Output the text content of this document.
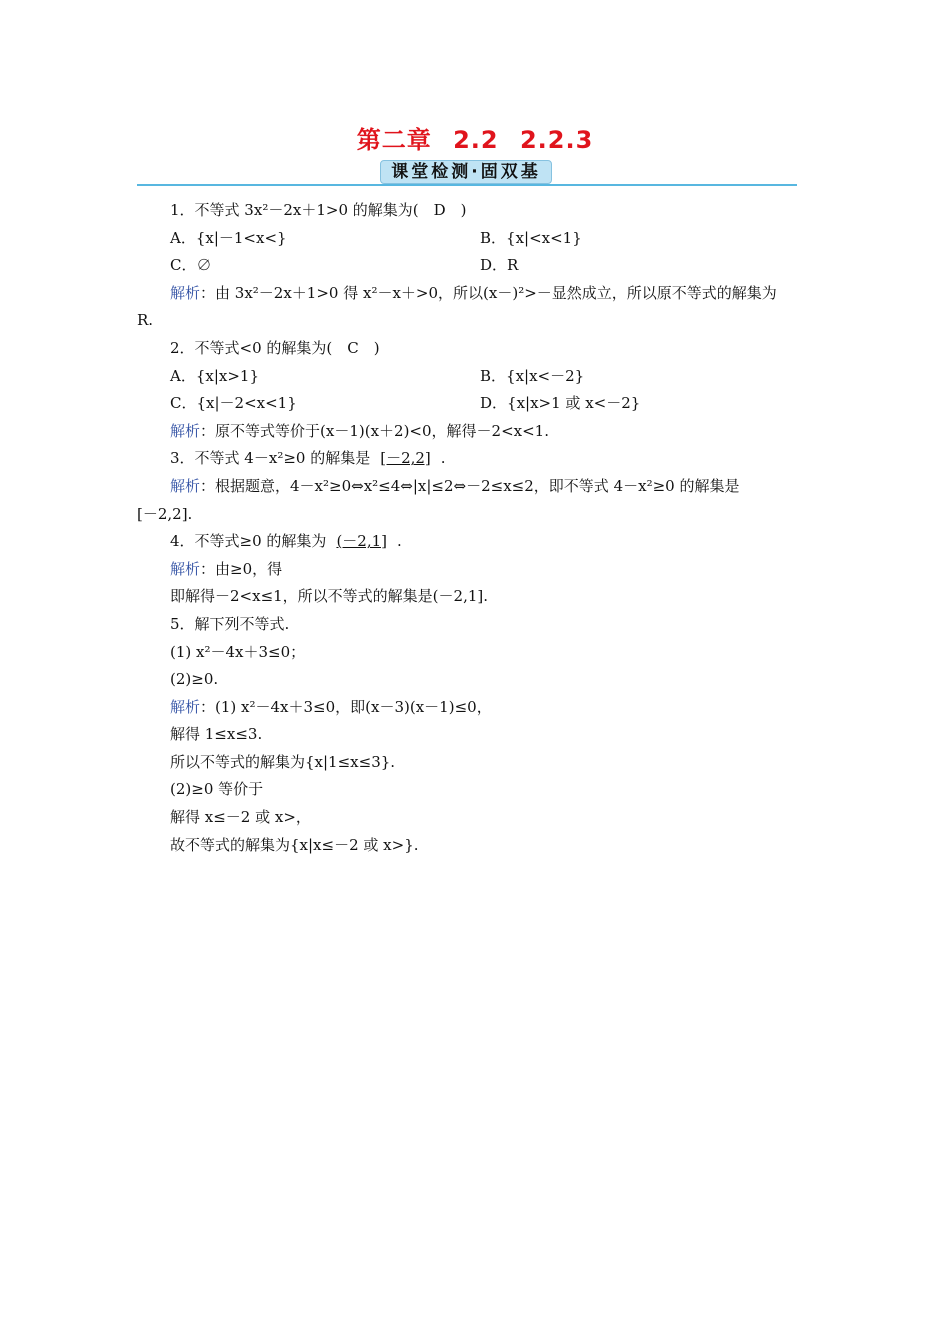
第二章 2.2 2.2.3
课堂检测·固双基
1．不等式 3x²－2x＋1>0 的解集为(　D　)
A．{x|－1<x<}	B．{x|<x<1}
C．∅	D．R
解析：由 3x²－2x＋1>0 得 x²－x＋>0，所以(x－)²>－显然成立，所以原不等式的解集为
R.
2．不等式<0 的解集为(　C　)
A．{x|x>1}	B．{x|x<－2}
C．{x|－2<x<1}	D．{x|x>1 或 x<－2}
解析：原不等式等价于(x－1)(x＋2)<0，解得－2<x<1.
3．不等式 4－x²≥0 的解集是 [－2,2] .
解析：根据题意，4－x²≥0⇔x²≤4⇔|x|≤2⇔－2≤x≤2，即不等式 4－x²≥0 的解集是
[－2,2].
4．不等式≥0 的解集为 (－2,1] .
解析：由≥0，得
即解得－2<x≤1，所以不等式的解集是(－2,1].
5．解下列不等式.
(1) x²－4x＋3≤0；
(2)≥0.
解析：(1) x²－4x＋3≤0，即(x－3)(x－1)≤0，
解得 1≤x≤3.
所以不等式的解集为{x|1≤x≤3}.
(2)≥0 等价于
解得 x≤－2 或 x>，
故不等式的解集为{x|x≤－2 或 x>}.
